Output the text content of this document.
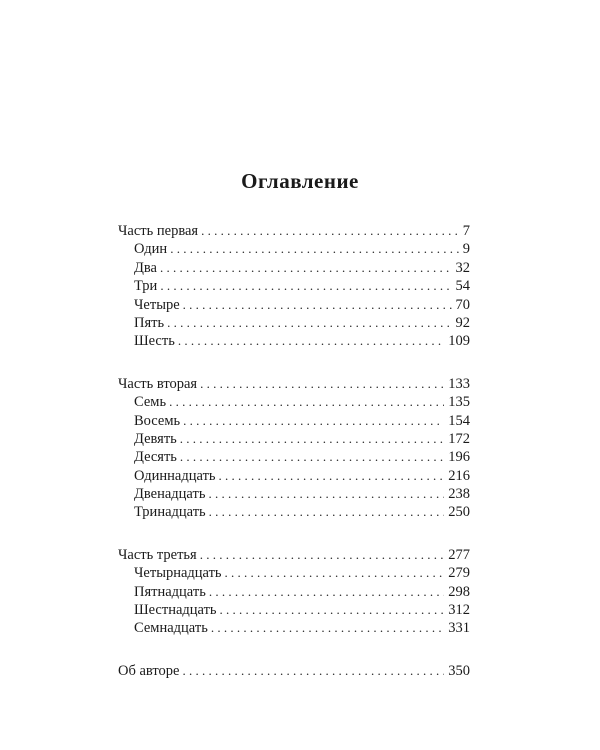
Оглавление
Часть первая . . .	7
Один . . .	9
Два . . .	32
Три . . .	54
Четыре . . .	70
Пять . . .	92
Шесть . . .	109
Часть вторая . . .	133
Семь . . .	135
Восемь . . .	154
Девять . . .	172
Десять . . .	196
Одиннадцать . . .	216
Двенадцать . . .	238
Тринадцать . . .	250
Часть третья . . .	277
Четырнадцать . . .	279
Пятнадцать . . .	298
Шестнадцать . . .	312
Семнадцать . . .	331
Об авторе . . .	350
